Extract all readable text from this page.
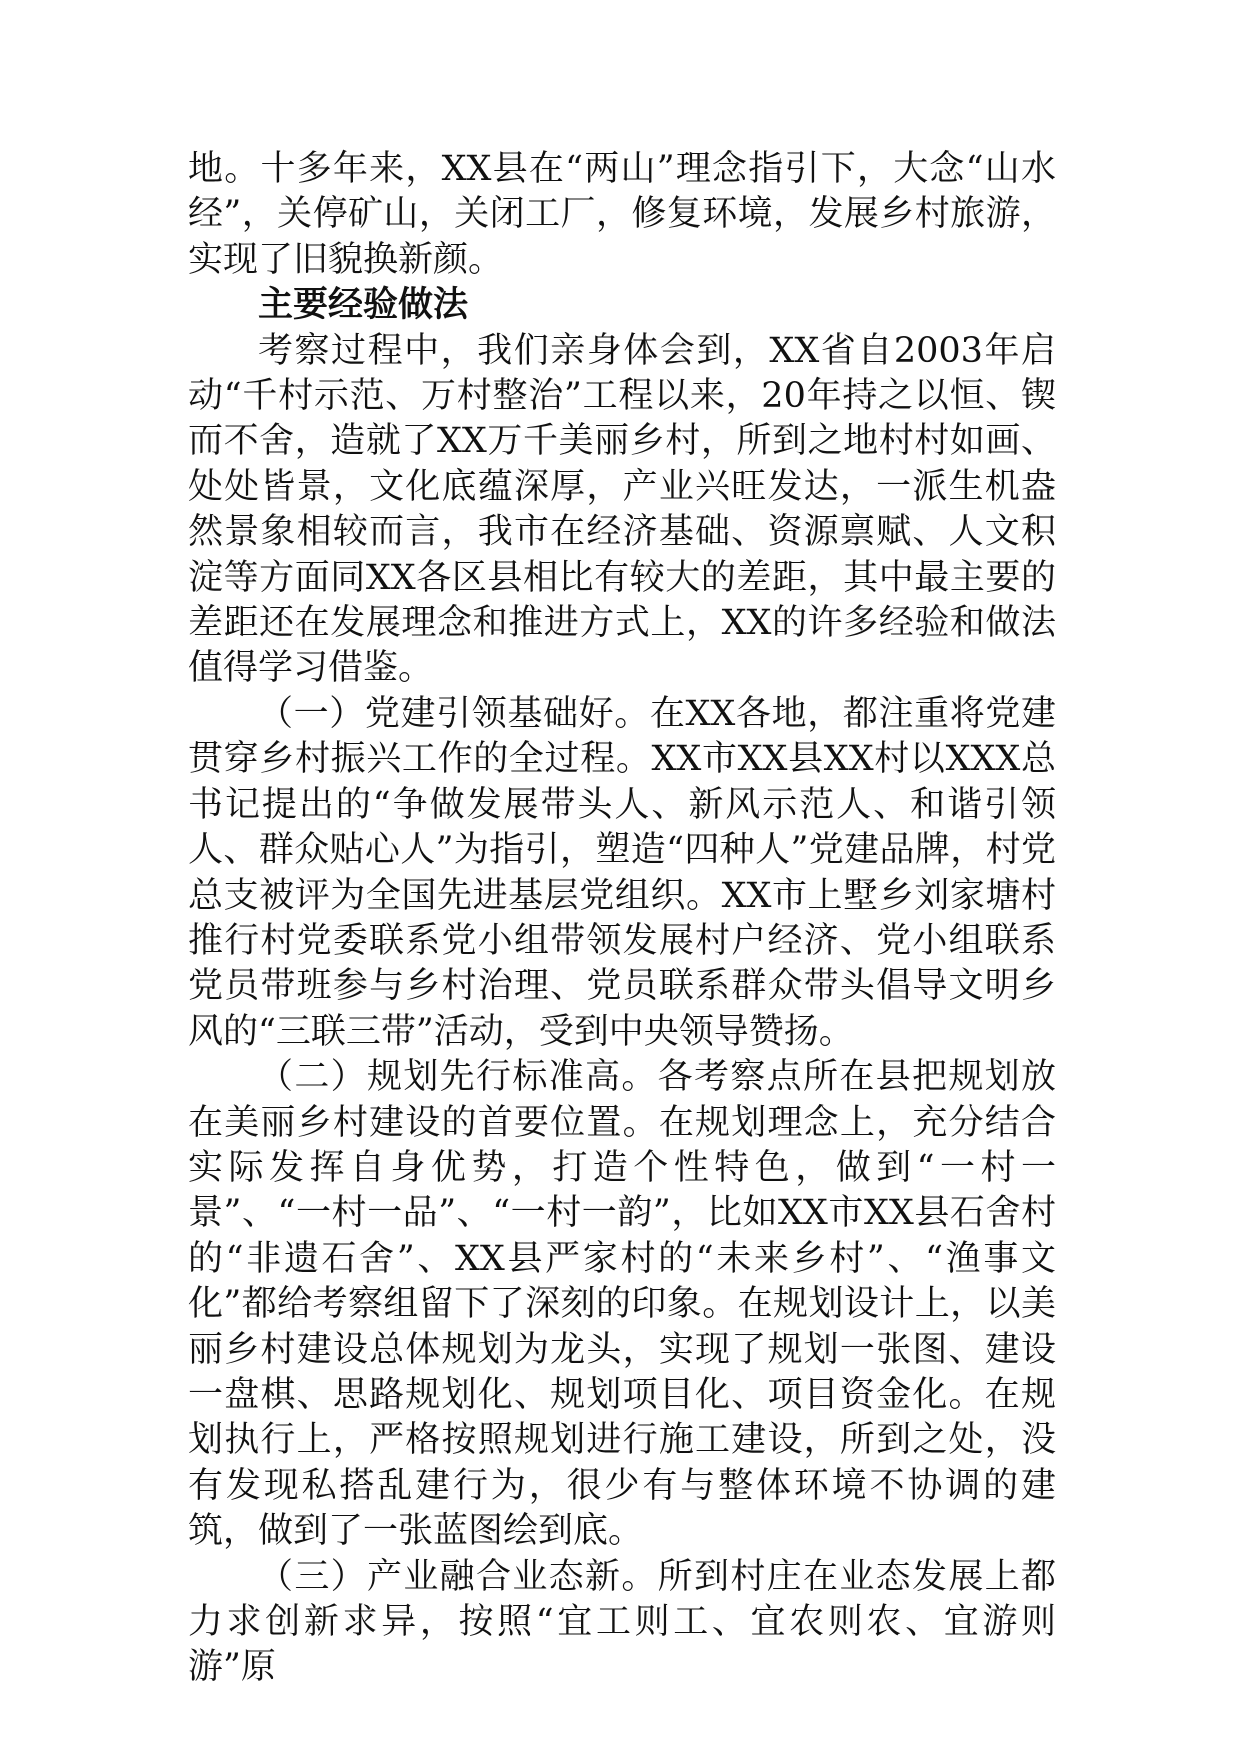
地。十多年来，XX县在“两山”理念指引下，大念“山水经”，关停矿山，关闭工厂，修复环境，发展乡村旅游，实现了旧貌换新颜。

主要经验做法

考察过程中，我们亲身体会到，XX省自2003年启动“千村示范、万村整治”工程以来，20年持之以恒、锲而不舍，造就了XX万千美丽乡村，所到之地村村如画、处处皆景，文化底蕴深厚，产业兴旺发达，一派生机盎然景象相较而言，我市在经济基础、资源禀赋、人文积淀等方面同XX各区县相比有较大的差距，其中最主要的差距还在发展理念和推进方式上，XX的许多经验和做法值得学习借鉴。

（一）党建引领基础好。在XX各地，都注重将党建贯穿乡村振兴工作的全过程。XX市XX县XX村以XXX总书记提出的“争做发展带头人、新风示范人、和谐引领人、群众贴心人”为指引，塑造“四种人”党建品牌，村党总支被评为全国先进基层党组织。XX市上墅乡刘家塘村推行村党委联系党小组带领发展村户经济、党小组联系党员带班参与乡村治理、党员联系群众带头倡导文明乡风的“三联三带”活动，受到中央领导赞扬。

（二）规划先行标准高。各考察点所在县把规划放在美丽乡村建设的首要位置。在规划理念上，充分结合实际发挥自身优势，打造个性特色，做到“一村一景”、“一村一品”、“一村一韵”，比如XX市XX县石舍村的“非遗石舍”、XX县严家村的“未来乡村”、“渔事文化”都给考察组留下了深刻的印象。在规划设计上，以美丽乡村建设总体规划为龙头，实现了规划一张图、建设一盘棋、思路规划化、规划项目化、项目资金化。在规划执行上，严格按照规划进行施工建设，所到之处，没有发现私搭乱建行为，很少有与整体环境不协调的建筑，做到了一张蓝图绘到底。

（三）产业融合业态新。所到村庄在业态发展上都力求创新求异，按照“宜工则工、宜农则农、宜游则游”原
